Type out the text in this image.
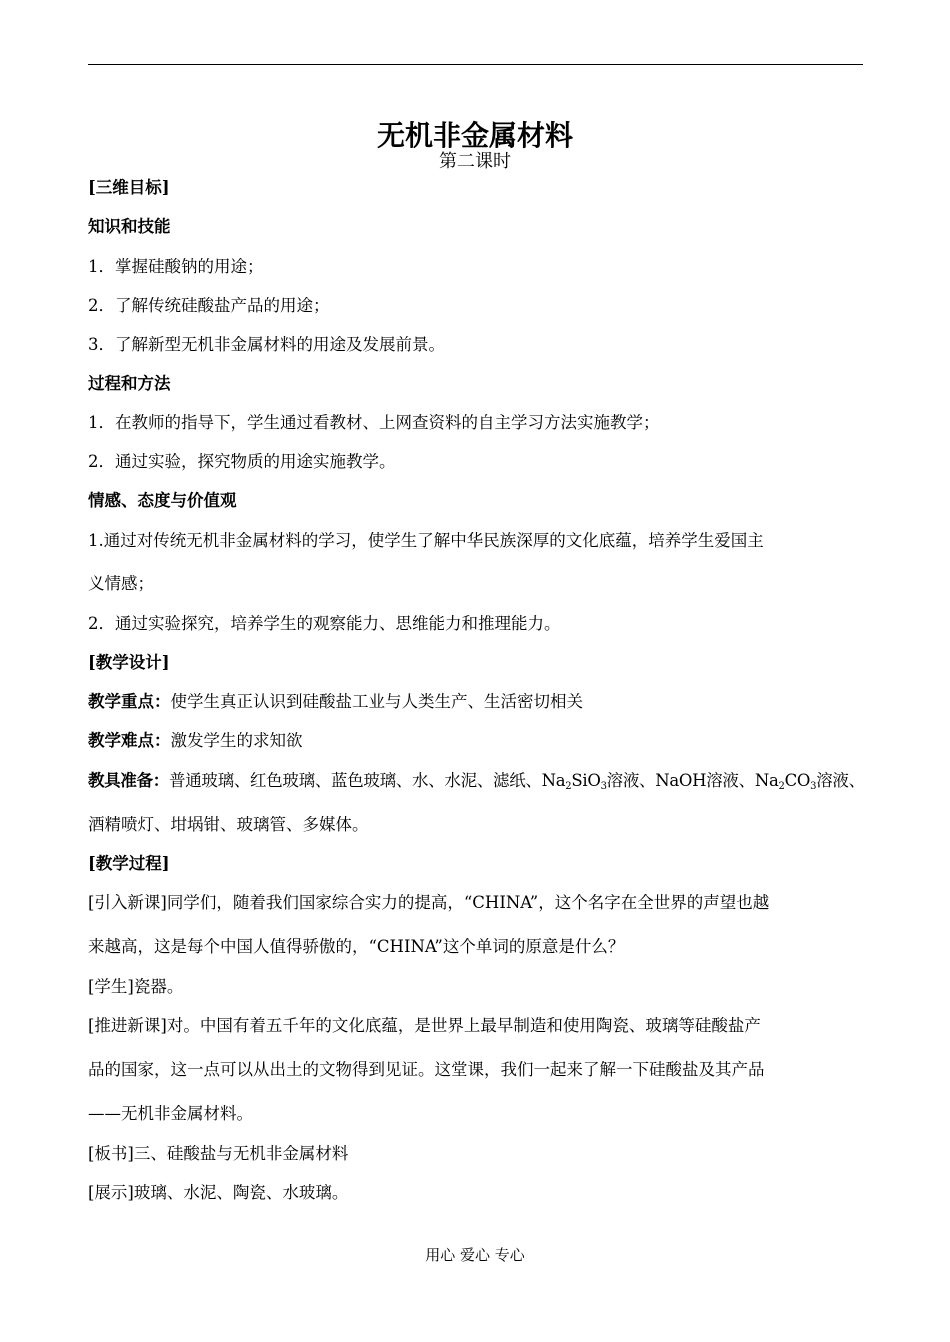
无机非金属材料
第二课时
[三维目标]
知识和技能
1．掌握硅酸钠的用途；
2．了解传统硅酸盐产品的用途；
3．了解新型无机非金属材料的用途及发展前景。
过程和方法
1．在教师的指导下，学生通过看教材、上网查资料的自主学习方法实施教学；
2．通过实验，探究物质的用途实施教学。
情感、态度与价值观
1.通过对传统无机非金属材料的学习，使学生了解中华民族深厚的文化底蕴，培养学生爱国主
义情感；
2．通过实验探究，培养学生的观察能力、思维能力和推理能力。
[教学设计]
教学重点：使学生真正认识到硅酸盐工业与人类生产、生活密切相关
教学难点：激发学生的求知欲
教具准备：普通玻璃、红色玻璃、蓝色玻璃、水、水泥、滤纸、$Na_2SiO_3$溶液、NaOH溶液、$Na_2CO_3$溶液、
酒精喷灯、坩埚钳、玻璃管、多媒体。
[教学过程]
[引入新课]同学们，随着我们国家综合实力的提高，“CHINA”，这个名字在全世界的声望也越
来越高，这是每个中国人值得骄傲的，“CHINA”这个单词的原意是什么？
[学生]瓷器。
[推进新课]对。中国有着五千年的文化底蕴，是世界上最早制造和使用陶瓷、玻璃等硅酸盐产
品的国家，这一点可以从出土的文物得到见证。这堂课，我们一起来了解一下硅酸盐及其产品
——无机非金属材料。
[板书]三、硅酸盐与无机非金属材料
[展示]玻璃、水泥、陶瓷、水玻璃。
用心 爱心 专心
